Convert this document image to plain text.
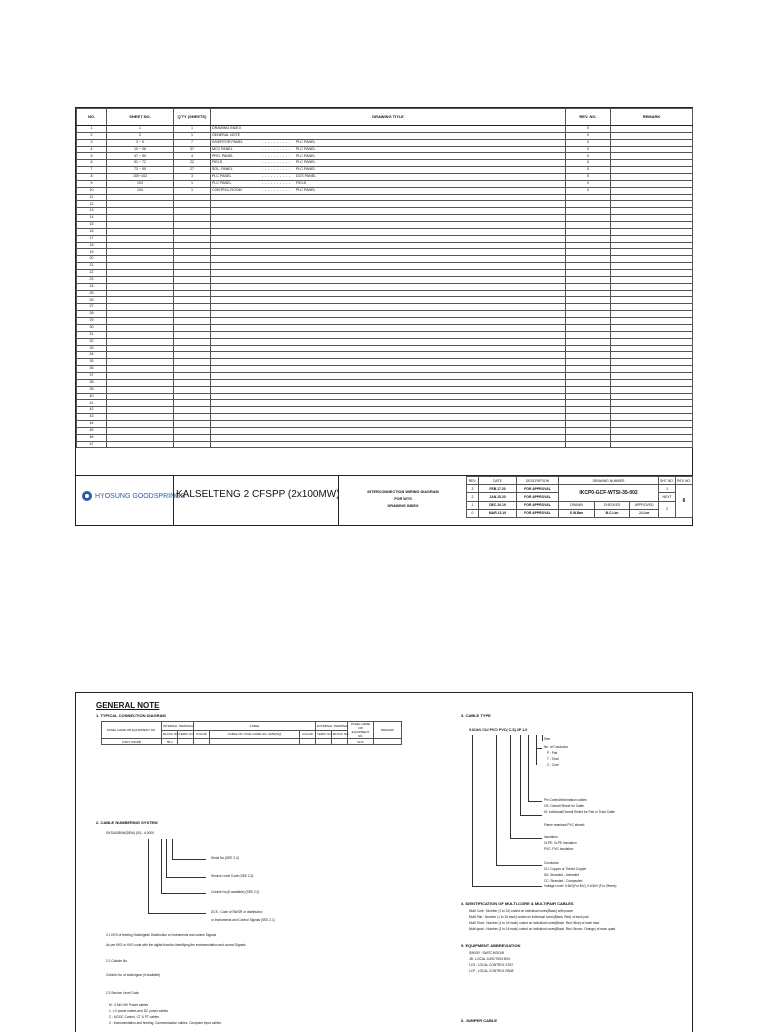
NO.	SHEET NO.	Q'TY (SHEETS)	DRAWING TITLE	REV. NO.	REMARK
1	1	1	DRAWING INDEX	0	
2	2	1	GENERAL NOTE	0	
3	3 ~ 9	7	INVERTOR PANEL - - - - - - - - - - PLC PANEL	0	
4	10 ~ 46	37	MCC PANEL - - - - - - - - - - PLC PANEL	0	
5	47 ~ 50	4	PRO. PANEL - - - - - - - - - - PLC PANEL	0	
6	51 ~ 72	22	FIELD - - - - - - - - - - PLC PANEL	0	
7	73 ~ 99	27	SOL. PANEL - - - - - - - - - - PLC PANEL	0	
8	100~102	3	PLC PANEL - - - - - - - - - - DCS PANEL	0	
9	103	1	PLC PANEL - - - - - - - - - - FIELD	0	
10	104	1	CONTROL ROOM - - - - - - - - - - PLC PANEL	0	
11					
12					
13					
14					
15					
16					
17					
18					
19					
20					
21					
22					
23					
24					
25					
26					
27					
28					
29					
30					
31					
32					
33					
34					
35					
36					
37					
38					
39					
40					
41					
42					
43					
44					
45					
46					
47					
HYOSUNG GOODSPRINGS
KALSELTENG 2 CFSPP (2x100MW)	INTERCONNECTION WIRING DIAGRAM
FOR WTS
DRAWING INDEX
REV.	DATE	DESCRIPTION	DRAWING NUMBER			SHT NO.	REV NO.
3	FEB.17.20	FOR APPROVAL	IKCP0-GCF-WTSI-35-002			1	6
2	JAN.15.20	FOR APPROVAL				NEXT	
1	DEC.10.19	FOR APPROVAL	DRAWN	CHECKED	APPROVED	2	
0	MAR.13.19	FOR APPROVAL	S.W.Bae	B.C.Lim	J.I.Lee		
GENERAL NOTE
1. TYPICAL CONNECTION DIAGRAM
PANEL NAME OR EQUIPMENT NO.	INTERNAL TERMINAL		CABLE			EXTERNAL TERMINAL		PANEL NAME OR EQUIPMENT NO.	REMARK
	BLOCK NO.	TERM. NO.	COLOR	CABLE NO. KIND-CORE NO.-SIZE(SQ)	COLOR	TERM. NO.	BLOCK NO.		
0.6KV SW/DB	TB-1							DCS	
2. CABLE NUMBERING SYSTEM
GKSAG/BNW(DEM) (00) - A 0000
Serial No.(SEE 2.4)
Service Level Code (SEE 2.3)
Cubicle No.(if available) (SEE 2.2)
DCS : Code of SWGR or distribution
or Instruments and Control Signals (SEE 2.1)
2.1 KKS of feeding Switchgear/ Distribution or Instruments and control Signals
As per KKS or KKS code with the digital function identifying the instrumentation and control Signals
2.2 Cubicle No.
Cubicle No. of switchgear (if available)
2.3 Service Level Code
M : 0.6kV MV Power cables
L : LV power cables and DC power cables
C : AC/DC Control, CT & PT cables
X : Instrumentation and feeding, Communication cables, Computer input cables
3. CABLE TYPE
0.6/1kV CU/ PVC/ PVC( C-S) 2P 1.0
Size
No. of Conductor
P : Pair
T : Triad
C : Core
Pin Control/Information cables
OS: Overall Shield for Cable
IS: Individual/Overall Shield for Pair or Triad Cable
Flame retardant PVC sheath
Insulation
XLPE: XLPE Insulation
PVC: PVC Insulation
Conductor
CU: Copper or Tinned Copper
SA: Stranded - Annealed
CC: Stranded - Compacted
Voltage Level: 0.6kV(For MV), 0.6/1kV (For Others)
4. IDENTIFICATION OF MULTI-CORE & MULTIPAIR CABLES
Multi Core : Number (1 to 31) coded on individual cores(Black) with power
Multi Pair : Number (1 to 16 each) coded on individual cores(Black, Red) of each pair
Multi Triad : Number (1 to 16 each) coded on individual cores(Black, Red, Blue) of each triad
Multi quad : Number (1 to 16 each) coded on individual cores(Black, Red, Brown, Orange) of each quad
5. EQUIPMENT ABBREVIATION
SW/GR : SWITCHGEAR
JB : LOCAL JUNCTION BOX
LCS : LOCAL CONTROL STAT
LCP : LOCAL CONTROL PANE
6. JUMPER CABLE
